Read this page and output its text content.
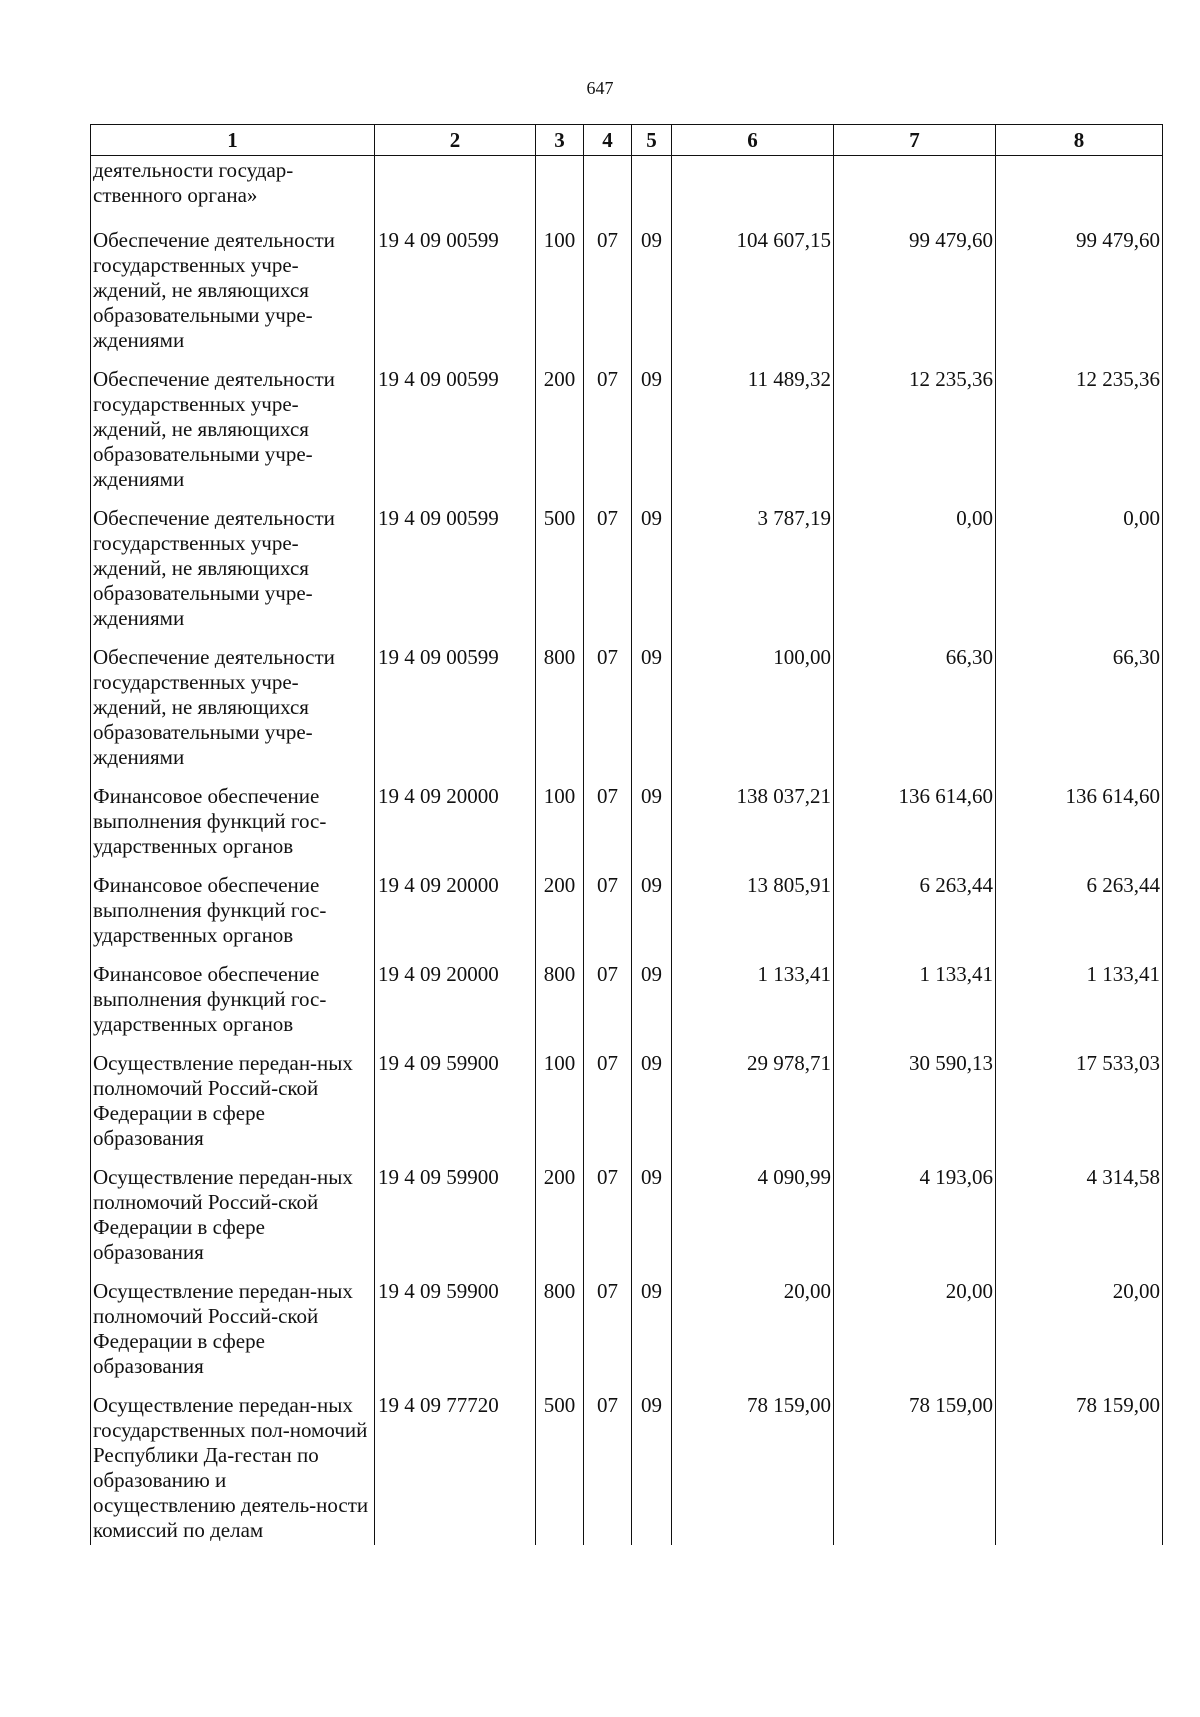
647
1	2	3	4	5	6	7	8
деятельности государ-ственного органа»							
Обеспечение деятельности государственных учре-ждений, не являющихся образовательными учре-ждениями	19 4 09 00599	100	07	09	104 607,15	99 479,60	99 479,60
Обеспечение деятельности государственных учре-ждений, не являющихся образовательными учре-ждениями	19 4 09 00599	200	07	09	11 489,32	12 235,36	12 235,36
Обеспечение деятельности государственных учре-ждений, не являющихся образовательными учре-ждениями	19 4 09 00599	500	07	09	3 787,19	0,00	0,00
Обеспечение деятельности государственных учре-ждений, не являющихся образовательными учре-ждениями	19 4 09 00599	800	07	09	100,00	66,30	66,30
Финансовое обеспечение выполнения функций гос-ударственных органов	19 4 09 20000	100	07	09	138 037,21	136 614,60	136 614,60
Финансовое обеспечение выполнения функций гос-ударственных органов	19 4 09 20000	200	07	09	13 805,91	6 263,44	6 263,44
Финансовое обеспечение выполнения функций гос-ударственных органов	19 4 09 20000	800	07	09	1 133,41	1 133,41	1 133,41
Осуществление передан-ных полномочий Россий-ской Федерации в сфере образования	19 4 09 59900	100	07	09	29 978,71	30 590,13	17 533,03
Осуществление передан-ных полномочий Россий-ской Федерации в сфере образования	19 4 09 59900	200	07	09	4 090,99	4 193,06	4 314,58
Осуществление передан-ных полномочий Россий-ской Федерации в сфере образования	19 4 09 59900	800	07	09	20,00	20,00	20,00
Осуществление передан-ных государственных пол-номочий Республики Да-гестан по образованию и осуществлению деятель-ности комиссий по делам	19 4 09 77720	500	07	09	78 159,00	78 159,00	78 159,00
